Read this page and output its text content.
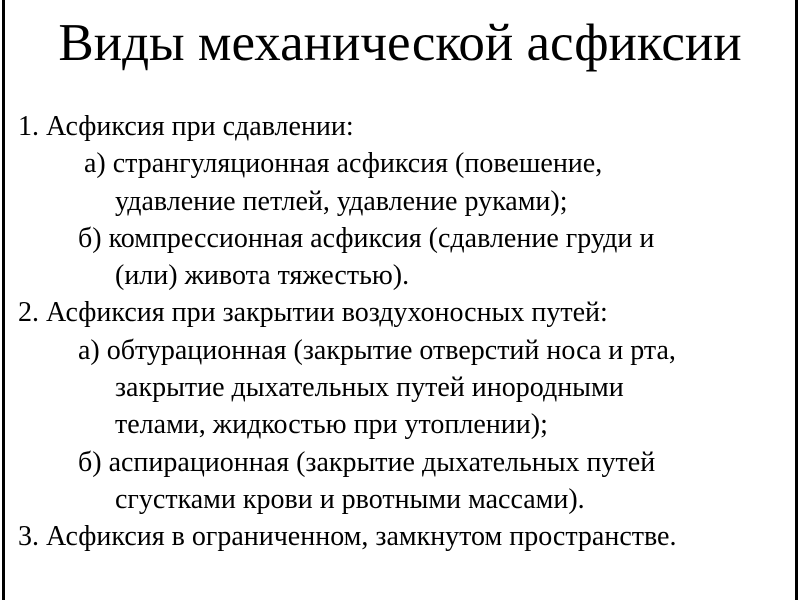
Виды механической асфиксии
1. Асфиксия при сдавлении:
а) странгуляционная асфиксия (повешение,
удавление петлей, удавление руками);
б) компрессионная асфиксия (сдавление груди и
(или) живота тяжестью).
2. Асфиксия при закрытии воздухоносных путей:
а) обтурационная (закрытие отверстий носа и рта,
закрытие дыхательных путей инородными
телами, жидкостью при утоплении);
б) аспирационная (закрытие дыхательных путей
сгустками крови и рвотными массами).
3. Асфиксия в ограниченном, замкнутом пространстве.
